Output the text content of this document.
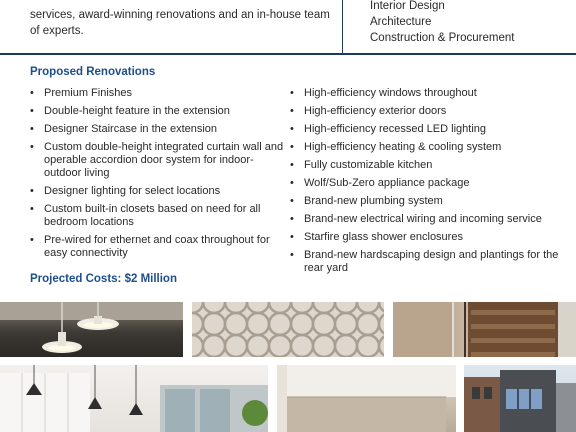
services, award-winning renovations and an in-house team
of experts.
Interior Design
Architecture
Construction & Procurement
Proposed Renovations
• Premium Finishes
• Double-height feature in the extension
• Designer Staircase in the extension
• Custom double-height integrated curtain wall and operable accordion door system for indoor-outdoor living
• Designer lighting for select locations
• Custom built-in closets based on need for all bedroom locations
• Pre-wired for ethernet and coax throughout for easy connectivity
• High-efficiency windows throughout
• High-efficiency exterior doors
• High-efficiency recessed LED lighting
• High-efficiency heating & cooling system
• Fully customizable kitchen
• Wolf/Sub-Zero appliance package
• Brand-new plumbing system
• Brand-new electrical wiring and incoming service
• Starfire glass shower enclosures
• Brand-new hardscaping design and plantings for the rear yard
Projected Costs: $2 Million
